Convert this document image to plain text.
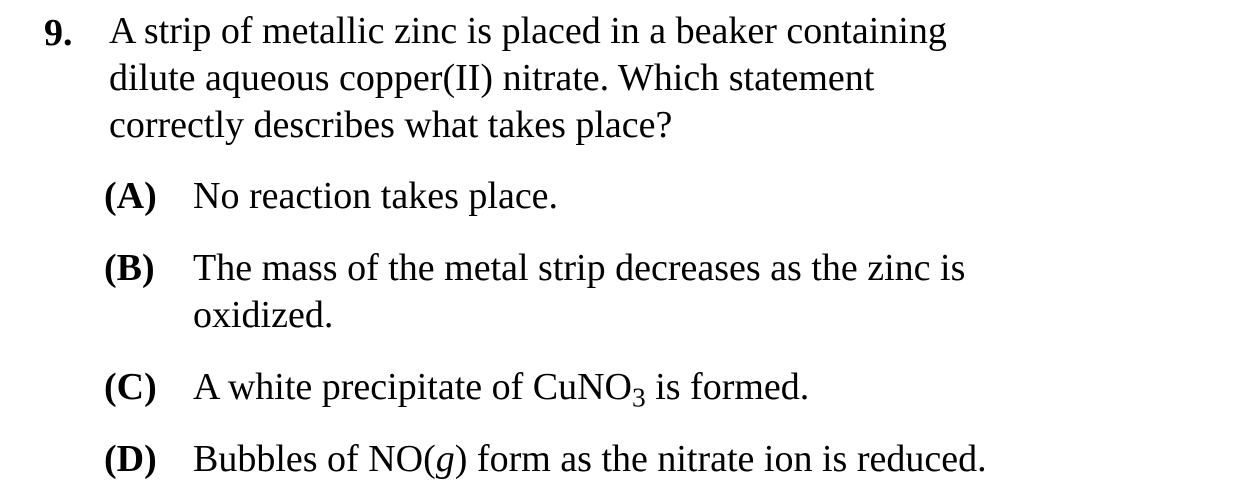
9. A strip of metallic zinc is placed in a beaker containing
dilute aqueous copper(II) nitrate. Which statement
correctly describes what takes place?
(A) No reaction takes place.
(B) The mass of the metal strip decreases as the zinc is
oxidized.
(C) A white precipitate of CuNO$_3$ is formed.
(D) Bubbles of NO(g) form as the nitrate ion is reduced.
